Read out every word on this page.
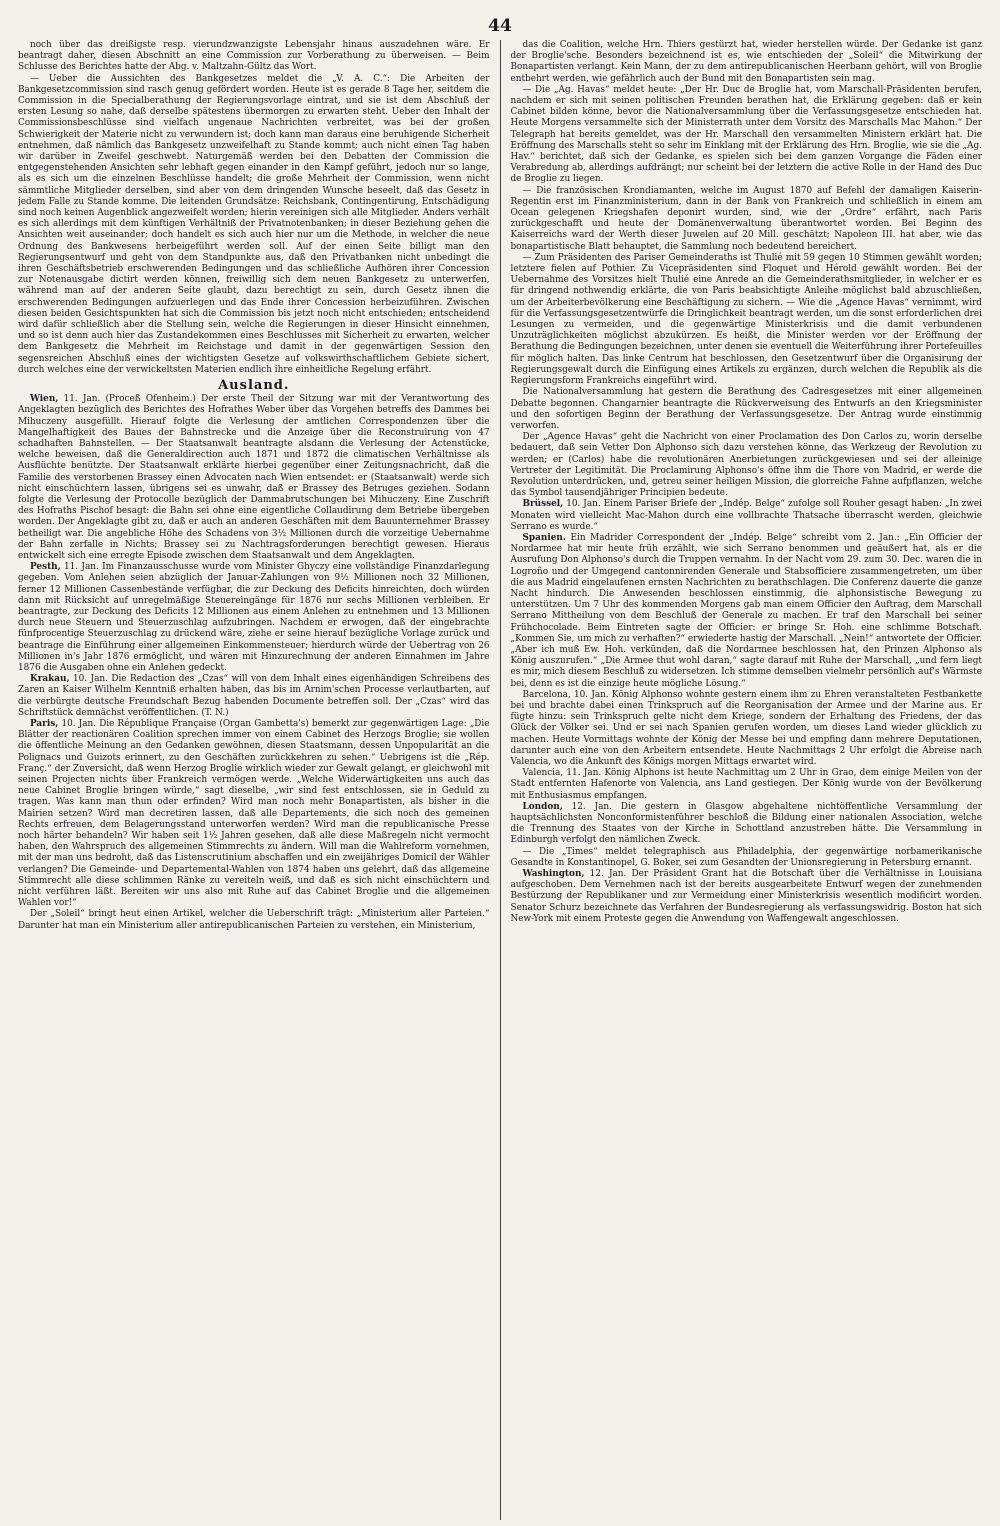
44

noch über das dreißigste resp. vierundzwanzigste Lebensjahr hinaus auszudehnen wäre. Er beantragt daher, diesen Abschnitt an eine Commission zur Vorberathung zu überweisen. — Beim Schlusse des Berichtes hatte der Abg. v. Maltzahn-Gültz das Wort.

— Ueber die Aussichten des Bankgesetzes meldet die „V. A. C.“: Die Arbeiten der Bankgesetzcommission sind rasch genug gefördert worden. Heute ist es gerade 8 Tage her, seitdem die Commission in die Specialberathung der Regierungsvorlage eintrat, und sie ist dem Abschluß der ersten Lesung so nahe, daß derselbe spätestens übermorgen zu erwarten steht. Ueber den Inhalt der Commissionsbeschlüsse sind vielfach ungenaue Nachrichten verbreitet, was bei der großen Schwierigkeit der Materie nicht zu verwundern ist; doch kann man daraus eine beruhigende Sicherheit entnehmen, daß nämlich das Bankgesetz unzweifelhaft zu Stande kommt; auch nicht einen Tag haben wir darüber in Zweifel geschwebt. Naturgemäß werden bei den Debatten der Commission die entgegenstehenden Ansichten sehr lebhaft gegen einander in den Kampf geführt, jedoch nur so lange, als es sich um die einzelnen Beschlüsse handelt; die große Mehrheit der Commission, wenn nicht sämmtliche Mitglieder derselben, sind aber von dem dringenden Wunsche beseelt, daß das Gesetz in jedem Falle zu Stande komme. Die leitenden Grundsätze: Reichsbank, Contingentirung, Entschädigung sind noch keinen Augenblick angezweifelt worden; hierin vereinigen sich alle Mitglieder. Anders verhält es sich allerdings mit dem künftigen Verhältniß der Privatnotenbanken; in dieser Beziehung gehen die Ansichten weit auseinander; doch handelt es sich auch hier nur um die Methode, in welcher die neue Ordnung des Bankwesens herbeigeführt werden soll. Auf der einen Seite billigt man den Regierungsentwurf und geht von dem Standpunkte aus, daß den Privatbanken nicht unbedingt die ihren Geschäftsbetrieb erschwerenden Bedingungen und das schließliche Aufhören ihrer Concession zur Notenausgabe dictirt werden können, freiwillig sich dem neuen Bankgesetz zu unterwerfen, während man auf der anderen Seite glaubt, dazu berechtigt zu sein, durch Gesetz ihnen die erschwerenden Bedingungen aufzuerlegen und das Ende ihrer Concession herbeizuführen. Zwischen diesen beiden Gesichtspunkten hat sich die Commission bis jetzt noch nicht entschieden; entscheidend wird dafür schließlich aber die Stellung sein, welche die Regierungen in dieser Hinsicht einnehmen, und so ist denn auch hier das Zustandekommen eines Beschlusses mit Sicherheit zu erwarten, welcher dem Bankgesetz die Mehrheit im Reichstage und damit in der gegenwärtigen Session den segensreichen Abschluß eines der wichtigsten Gesetze auf volkswirthschaftlichem Gebiete sichert, durch welches eine der verwickeltsten Materien endlich ihre einheitliche Regelung erfährt.

Ausland.

Wien, 11. Jan. (Proceß Ofenheim.) Der erste Theil der Sitzung war mit der Verantwortung des Angeklagten bezüglich des Berichtes des Hofrathes Weber über das Vorgehen betreffs des Dammes bei Mihuczeny ausgefüllt. Hierauf folgte die Verlesung der amtlichen Correspondenzen über die Mangelhaftigkeit des Baues der Bahnstrecke und die Anzeige über die Reconstruirung von 47 schadhaften Bahnstellen. — Der Staatsanwalt beantragte alsdann die Verlesung der Actenstücke, welche beweisen, daß die Generaldirection auch 1871 und 1872 die climatischen Verhältnisse als Ausflüchte benützte. Der Staatsanwalt erklärte hierbei gegenüber einer Zeitungsnachricht, daß die Familie des verstorbenen Brassey einen Advocaten nach Wien entsendet: er (Staatsanwalt) werde sich nicht einschüchtern lassen, übrigens sei es unwahr, daß er Brassey des Betruges geziehen. Sodann folgte die Verlesung der Protocolle bezüglich der Dammabrutschungen bei Mihuczeny. Eine Zuschrift des Hofraths Pischof besagt: die Bahn sei ohne eine eigentliche Collaudirung dem Betriebe übergeben worden. Der Angeklagte gibt zu, daß er auch an anderen Geschäften mit dem Bauunternehmer Brassey betheiligt war. Die angebliche Höhe des Schadens von 3½ Millionen durch die vorzeitige Uebernahme der Bahn zerfalle in Nichts; Brassey sei zu Nachtragsforderungen berechtigt gewesen. Hieraus entwickelt sich eine erregte Episode zwischen dem Staatsanwalt und dem Angeklagten.

Pesth, 11. Jan. Im Finanzausschusse wurde vom Minister Ghyczy eine vollständige Finanzdarlegung gegeben. Vom Anlehen seien abzüglich der Januar-Zahlungen von 9½ Millionen noch 32 Millionen, ferner 12 Millionen Cassenbestände verfügbar, die zur Deckung des Deficits hinreichten, doch würden dann mit Rücksicht auf unregelmäßige Steuereingänge für 1876 nur sechs Millionen verbleiben. Er beantragte, zur Deckung des Deficits 12 Millionen aus einem Anlehen zu entnehmen und 13 Millionen durch neue Steuern und Steuerzuschlag aufzubringen. Nachdem er erwogen, daß der eingebrachte fünfprocentige Steuerzuschlag zu drückend wäre, ziehe er seine hierauf bezügliche Vorlage zurück und beantrage die Einführung einer allgemeinen Einkommensteuer; hierdurch würde der Uebertrag von 26 Millionen in's Jahr 1876 ermöglicht, und wären mit Hinzurechnung der anderen Einnahmen im Jahre 1876 die Ausgaben ohne ein Anlehen gedeckt.

Krakau, 10. Jan. Die Redaction des „Czas“ will von dem Inhalt eines eigenhändigen Schreibens des Zaren an Kaiser Wilhelm Kenntniß erhalten haben, das bis im Arnim'schen Processe verlautbarten, auf die verbürgte deutsche Freundschaft Bezug habenden Documente betreffen soll. Der „Czas“ wird das Schriftstück demnächst veröffentlichen. (T. N.)

Paris, 10. Jan. Die République Française (Organ Gambetta's) bemerkt zur gegenwärtigen Lage: „Die Blätter der reactionären Coalition sprechen immer von einem Cabinet des Herzogs Broglie; sie wollen die öffentliche Meinung an den Gedanken gewöhnen, diesen Staatsmann, dessen Unpopularität an die Polignacs und Guizots erinnert, zu den Geschäften zurückkehren zu sehen.“ Uebrigens ist die „Rép. Franç.“ der Zuversicht, daß wenn Herzog Broglie wirklich wieder zur Gewalt gelangt, er gleichwohl mit seinen Projecten nichts über Frankreich vermögen werde. „Welche Widerwärtigkeiten uns auch das neue Cabinet Broglie bringen würde,“ sagt dieselbe, „wir sind fest entschlossen, sie in Geduld zu tragen. Was kann man thun oder erfinden? Wird man noch mehr Bonapartisten, als bisher in die Mairien setzen? Wird man decretiren lassen, daß alle Departements, die sich noch des gemeinen Rechts erfreuen, dem Belagerungsstand unterworfen werden? Wird man die republicanische Presse noch härter behandeln? Wir haben seit 1½ Jahren gesehen, daß alle diese Maßregeln nicht vermocht haben, den Wahrspruch des allgemeinen Stimmrechts zu ändern. Will man die Wahlreform vornehmen, mit der man uns bedroht, daß das Listenscrutinium abschaffen und ein zweijähriges Domicil der Wähler verlangen? Die Gemeinde- und Departemental-Wahlen von 1874 haben uns gelehrt, daß das allgemeine Stimmrecht alle diese schlimmen Ränke zu vereiteln weiß, und daß es sich nicht einschüchtern und nicht verführen läßt. Bereiten wir uns also mit Ruhe auf das Cabinet Broglie und die allgemeinen Wahlen vor!“

Der „Soleil“ bringt heut einen Artikel, welcher die Ueberschrift trägt: „Ministerium aller Parteien.“ Darunter hat man ein Ministerium aller antirepublicanischen Parteien zu verstehen, ein Ministerium,

das die Coalition, welche Hrn. Thiers gestürzt hat, wieder herstellen würde. Der Gedanke ist ganz der Broglie'sche. Besonders bezeichnend ist es, wie entschieden der „Soleil“ die Mitwirkung der Bonapartisten verlangt. Kein Mann, der zu dem antirepublicanischen Heerbann gehört, will von Broglie entbehrt werden, wie gefährlich auch der Bund mit den Bonapartisten sein mag.

— Die „Ag. Havas“ meldet heute: „Der Hr. Duc de Broglie hat, vom Marschall-Präsidenten berufen, nachdem er sich mit seinen politischen Freunden berathen hat, die Erklärung gegeben: daß er kein Cabinet bilden könne, bevor die Nationalversammlung über die Verfassungsgesetze entschieden hat. Heute Morgens versammelte sich der Ministerrath unter dem Vorsitz des Marschalls Mac Mahon.“ Der Telegraph hat bereits gemeldet, was der Hr. Marschall den versammelten Ministern erklärt hat. Die Eröffnung des Marschalls steht so sehr im Einklang mit der Erklärung des Hrn. Broglie, wie sie die „Ag. Hav.“ berichtet, daß sich der Gedanke, es spielen sich bei dem ganzen Vorgange die Fäden einer Verabredung ab, allerdings aufdrängt; nur scheint bei der letztern die active Rolle in der Hand des Duc de Broglie zu liegen.

— Die französischen Krondiamanten, welche im August 1870 auf Befehl der damaligen Kaiserin-Regentin erst im Finanzministerium, dann in der Bank von Frankreich und schließlich in einem am Ocean gelegenen Kriegshafen deponirt wurden, sind, wie der „Ordre“ erfährt, nach Paris zurückgeschafft und heute der Domänenverwaltung überantwortet worden. Bei Beginn des Kaiserreichs ward der Werth dieser Juwelen auf 20 Mill. geschätzt; Napoleon III. hat aber, wie das bonapartistische Blatt behauptet, die Sammlung noch bedeutend bereichert.

— Zum Präsidenten des Pariser Gemeinderaths ist Thulié mit 59 gegen 10 Stimmen gewählt worden; letztere fielen auf Pothier. Zu Vicepräsidenten sind Floquet und Hérold gewählt worden. Bei der Uebernahme des Vorsitzes hielt Thulié eine Anrede an die Gemeinderathsmitglieder, in welcher er es für dringend nothwendig erklärte, die von Paris beabsichtigte Anleihe möglichst bald abzuschließen, um der Arbeiterbevölkerung eine Beschäftigung zu sichern. — Wie die „Agence Havas“ vernimmt, wird für die Verfassungsgesetzentwürfe die Dringlichkeit beantragt werden, um die sonst erforderlichen drei Lesungen zu vermeiden, und die gegenwärtige Ministerkrisis und die damit verbundenen Unzuträglichkeiten möglichst abzukürzen. Es heißt, die Minister werden vor der Eröffnung der Berathung die Bedingungen bezeichnen, unter denen sie eventuell die Weiterführung ihrer Portefeuilles für möglich halten. Das linke Centrum hat beschlossen, den Gesetzentwurf über die Organisirung der Regierungsgewalt durch die Einfügung eines Artikels zu ergänzen, durch welchen die Republik als die Regierungsform Frankreichs eingeführt wird.

Die Nationalversammlung hat gestern die Berathung des Cadresgesetzes mit einer allgemeinen Debatte begonnen. Changarnier beantragte die Rückverweisung des Entwurfs an den Kriegsminister und den sofortigen Beginn der Berathung der Verfassungsgesetze. Der Antrag wurde einstimmig verworfen.

Der „Agence Havas“ geht die Nachricht von einer Proclamation des Don Carlos zu, worin derselbe bedauert, daß sein Vetter Don Alphonso sich dazu verstehen könne, das Werkzeug der Revolution zu werden; er (Carlos) habe die revolutionären Anerbietungen zurückgewiesen und sei der alleinige Vertreter der Legitimität. Die Proclamirung Alphonso's öffne ihm die Thore von Madrid, er werde die Revolution unterdrücken, und, getreu seiner heiligen Mission, die glorreiche Fahne aufpflanzen, welche das Symbol tausendjähriger Principien bedeute.

Brüssel, 10. Jan. Einem Pariser Briefe der „Indép. Belge“ zufolge soll Rouher gesagt haben: „In zwei Monaten wird vielleicht Mac-Mahon durch eine vollbrachte Thatsache überrascht werden, gleichwie Serrano es wurde.“

Spanien. Ein Madrider Correspondent der „Indép. Belge“ schreibt vom 2. Jan.: „Ein Officier der Nordarmee hat mir heute früh erzählt, wie sich Serrano benommen und geäußert hat, als er die Ausrufung Don Alphonso's durch die Truppen vernahm. In der Nacht vom 29. zum 30. Dec. waren die in Logroño und der Umgegend cantonnirenden Generale und Stabsofficiere zusammengetreten, um über die aus Madrid eingelaufenen ernsten Nachrichten zu berathschlagen. Die Conferenz dauerte die ganze Nacht hindurch. Die Anwesenden beschlossen einstimmig, die alphonsistische Bewegung zu unterstützen. Um 7 Uhr des kommenden Morgens gab man einem Officier den Auftrag, dem Marschall Serrano Mittheilung von dem Beschluß der Generale zu machen. Er traf den Marschall bei seiner Frühchocolade. Beim Eintreten sagte der Officier: er bringe Sr. Hoh. eine schlimme Botschaft. „Kommen Sie, um mich zu verhaften?“ erwiederte hastig der Marschall. „Nein!“ antwortete der Officier. „Aber ich muß Ew. Hoh. verkünden, daß die Nordarmee beschlossen hat, den Prinzen Alphonso als König auszurufen.“ „Die Armee thut wohl daran,“ sagte darauf mit Ruhe der Marschall, „und fern liegt es mir, mich diesem Beschluß zu widersetzen. Ich stimme demselben vielmehr persönlich auf's Wärmste bei, denn es ist die einzige heute mögliche Lösung.“

Barcelona, 10. Jan. König Alphonso wohnte gestern einem ihm zu Ehren veranstalteten Festbankette bei und brachte dabei einen Trinkspruch auf die Reorganisation der Armee und der Marine aus. Er fügte hinzu: sein Trinkspruch gelte nicht dem Kriege, sondern der Erhaltung des Friedens, der das Glück der Völker sei. Und er sei nach Spanien gerufen worden, um dieses Land wieder glücklich zu machen. Heute Vormittags wohnte der König der Messe bei und empfing dann mehrere Deputationen, darunter auch eine von den Arbeitern entsendete. Heute Nachmittags 2 Uhr erfolgt die Abreise nach Valencia, wo die Ankunft des Königs morgen Mittags erwartet wird.

Valencia, 11. Jan. König Alphons ist heute Nachmittag um 2 Uhr in Grao, dem einige Meilen von der Stadt entfernten Hafenorte von Valencia, ans Land gestiegen. Der König wurde von der Bevölkerung mit Enthusiasmus empfangen.

London, 12. Jan. Die gestern in Glasgow abgehaltene nichtöffentliche Versammlung der hauptsächlichsten Nonconformistenführer beschloß die Bildung einer nationalen Association, welche die Trennung des Staates von der Kirche in Schottland anzustreben hätte. Die Versammlung in Edinburgh verfolgt den nämlichen Zweck.

— Die „Times“ meldet telegraphisch aus Philadelphia, der gegenwärtige norbamerikanische Gesandte in Konstantinopel, G. Boker, sei zum Gesandten der Unionsregierung in Petersburg ernannt.

Washington, 12. Jan. Der Präsident Grant hat die Botschaft über die Verhältnisse in Louisiana aufgeschoben. Dem Vernehmen nach ist der bereits ausgearbeitete Entwurf wegen der zunehmenden Bestürzung der Republikaner und zur Vermeidung einer Ministerkrisis wesentlich modificirt worden. Senator Schurz bezeichnete das Verfahren der Bundesregierung als verfassungswidrig. Boston hat sich New-York mit einem Proteste gegen die Anwendung von Waffengewalt angeschlossen.
